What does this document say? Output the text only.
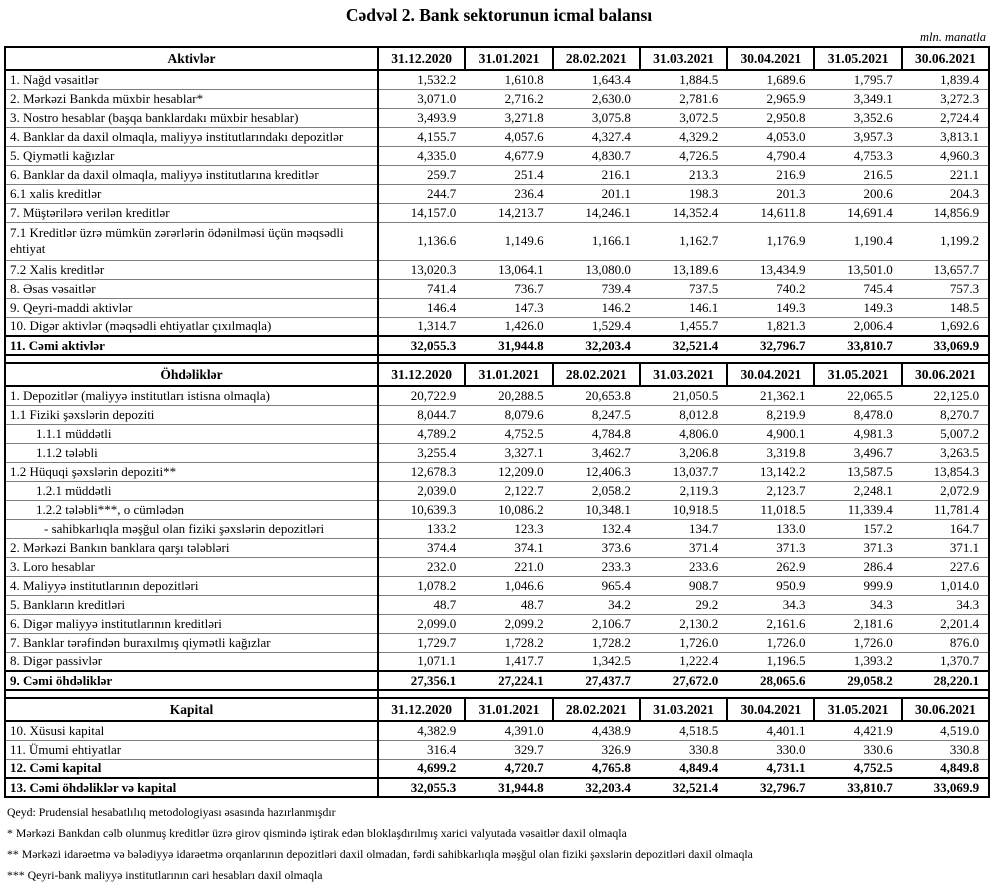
Cədvəl 2. Bank sektorunun icmal balansı
mln. manatla
Aktivlər	31.12.2020	31.01.2021	28.02.2021	31.03.2021	30.04.2021	31.05.2021	30.06.2021
1. Nağd vəsaitlər	1,532.2	1,610.8	1,643.4	1,884.5	1,689.6	1,795.7	1,839.4
2. Mərkəzi Bankda müxbir hesablar*	3,071.0	2,716.2	2,630.0	2,781.6	2,965.9	3,349.1	3,272.3
3. Nostro hesablar (başqa banklardakı müxbir hesablar)	3,493.9	3,271.8	3,075.8	3,072.5	2,950.8	3,352.6	2,724.4
4. Banklar da daxil olmaqla, maliyyə institutlarındakı depozitlər	4,155.7	4,057.6	4,327.4	4,329.2	4,053.0	3,957.3	3,813.1
5. Qiymətli kağızlar	4,335.0	4,677.9	4,830.7	4,726.5	4,790.4	4,753.3	4,960.3
6. Banklar da daxil olmaqla, maliyyə institutlarına kreditlər	259.7	251.4	216.1	213.3	216.9	216.5	221.1
6.1 xalis kreditlər	244.7	236.4	201.1	198.3	201.3	200.6	204.3
7. Müştərilərə verilən kreditlər	14,157.0	14,213.7	14,246.1	14,352.4	14,611.8	14,691.4	14,856.9
7.1 Kreditlər üzrə mümkün zərərlərin ödənilməsi üçün məqsədli ehtiyat	1,136.6	1,149.6	1,166.1	1,162.7	1,176.9	1,190.4	1,199.2
7.2 Xalis kreditlər	13,020.3	13,064.1	13,080.0	13,189.6	13,434.9	13,501.0	13,657.7
8. Əsas vəsaitlər	741.4	736.7	739.4	737.5	740.2	745.4	757.3
9. Qeyri-maddi aktivlər	146.4	147.3	146.2	146.1	149.3	149.3	148.5
10. Digər aktivlər (məqsədli ehtiyatlar çıxılmaqla)	1,314.7	1,426.0	1,529.4	1,455.7	1,821.3	2,006.4	1,692.6
11. Cəmi aktivlər	32,055.3	31,944.8	32,203.4	32,521.4	32,796.7	33,810.7	33,069.9

Öhdəliklər	31.12.2020	31.01.2021	28.02.2021	31.03.2021	30.04.2021	31.05.2021	30.06.2021
1. Depozitlər (maliyyə institutları istisna olmaqla)	20,722.9	20,288.5	20,653.8	21,050.5	21,362.1	22,065.5	22,125.0
1.1 Fiziki şəxslərin depoziti	8,044.7	8,079.6	8,247.5	8,012.8	8,219.9	8,478.0	8,270.7
1.1.1 müddətli	4,789.2	4,752.5	4,784.8	4,806.0	4,900.1	4,981.3	5,007.2
1.1.2 tələbli	3,255.4	3,327.1	3,462.7	3,206.8	3,319.8	3,496.7	3,263.5
1.2 Hüquqi şəxslərin depoziti**	12,678.3	12,209.0	12,406.3	13,037.7	13,142.2	13,587.5	13,854.3
1.2.1 müddətli	2,039.0	2,122.7	2,058.2	2,119.3	2,123.7	2,248.1	2,072.9
1.2.2 tələbli***, o cümlədən	10,639.3	10,086.2	10,348.1	10,918.5	11,018.5	11,339.4	11,781.4
- sahibkarlıqla məşğul olan fiziki şəxslərin depozitləri	133.2	123.3	132.4	134.7	133.0	157.2	164.7
2. Mərkəzi Bankın banklara qarşı tələbləri	374.4	374.1	373.6	371.4	371.3	371.3	371.1
3. Loro hesablar	232.0	221.0	233.3	233.6	262.9	286.4	227.6
4. Maliyyə institutlarının depozitləri	1,078.2	1,046.6	965.4	908.7	950.9	999.9	1,014.0
5. Bankların kreditləri	48.7	48.7	34.2	29.2	34.3	34.3	34.3
6. Digər maliyyə institutlarının kreditləri	2,099.0	2,099.2	2,106.7	2,130.2	2,161.6	2,181.6	2,201.4
7. Banklar tərəfindən buraxılmış qiymətli kağızlar	1,729.7	1,728.2	1,728.2	1,726.0	1,726.0	1,726.0	876.0
8. Digər passivlər	1,071.1	1,417.7	1,342.5	1,222.4	1,196.5	1,393.2	1,370.7
9. Cəmi öhdəliklər	27,356.1	27,224.1	27,437.7	27,672.0	28,065.6	29,058.2	28,220.1

Kapital	31.12.2020	31.01.2021	28.02.2021	31.03.2021	30.04.2021	31.05.2021	30.06.2021
10. Xüsusi kapital	4,382.9	4,391.0	4,438.9	4,518.5	4,401.1	4,421.9	4,519.0
11. Ümumi ehtiyatlar	316.4	329.7	326.9	330.8	330.0	330.6	330.8
12. Cəmi kapital	4,699.2	4,720.7	4,765.8	4,849.4	4,731.1	4,752.5	4,849.8
13. Cəmi öhdəliklər və kapital	32,055.3	31,944.8	32,203.4	32,521.4	32,796.7	33,810.7	33,069.9

Qeyd: Prudensial hesabatlılıq metodologiyası əsasında hazırlanmışdır

* Mərkəzi Bankdan cəlb olunmuş kreditlər üzrə girov qismində iştirak edən bloklaşdırılmış xarici valyutada vəsaitlər daxil olmaqla

** Mərkəzi idarəetmə və bələdiyyə idarəetmə orqanlarının depozitləri daxil olmadan, fərdi sahibkarlıqla məşğul olan fiziki şəxslərin depozitləri daxil olmaqla

*** Qeyri-bank maliyyə institutlarının cari hesabları daxil olmaqla
